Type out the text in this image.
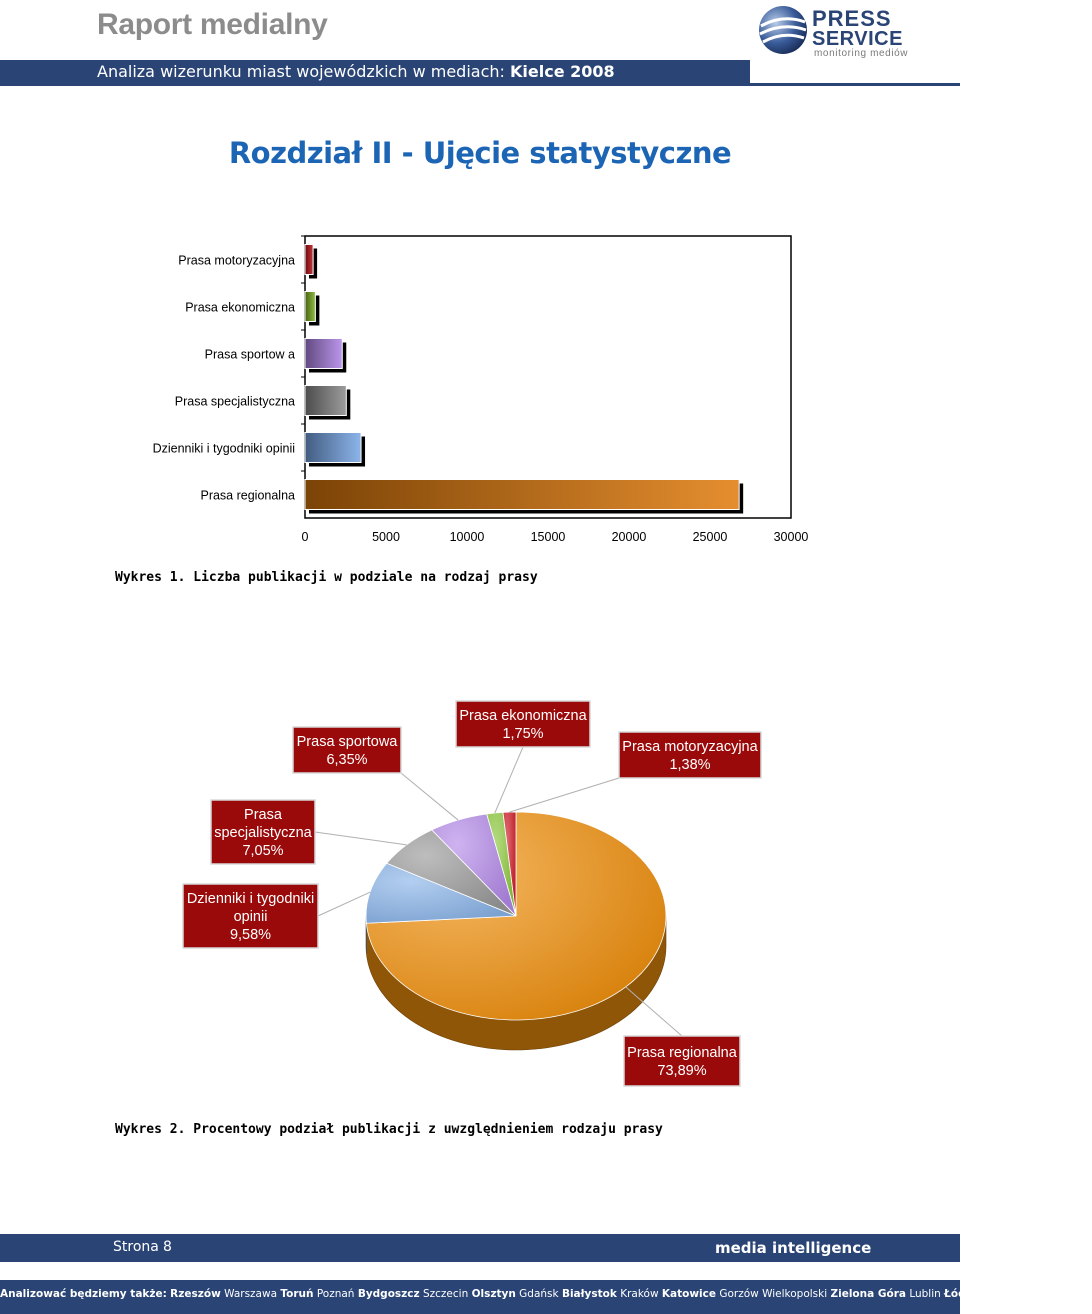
Raport medialny	PRESS
SERVICE
monitoring mediów
Analiza wizerunku miast wojewódzkich w mediach: Kielce 2008
Rozdział II - Ujęcie statystyczne
Prasa motoryzacyjna
Prasa ekonomiczna
Prasa sportow a
Prasa specjalistyczna
Dzienniki i tygodniki opinii
Prasa regionalna
0	5000	10000	15000	20000	25000	30000
Wykres 1. Liczba publikacji w podziale na rodzaj prasy
Prasa regionalna
73,89%
Dzienniki i tygodniki
opinii
9,58%
Prasa
specjalistyczna
7,05%
Prasa sportowa
6,35%
Prasa ekonomiczna
1,75%
Prasa motoryzacyjna
1,38%
Wykres 2. Procentowy podział publikacji z uwzględnieniem rodzaju prasy
Strona 8	media intelligence
Analizować będziemy także: Rzeszów Warszawa Toruń Poznań Bydgoszcz Szczecin Olsztyn Gdańsk Białystok Kraków Katowice Gorzów Wielkopolski Zielona Góra Lublin Łódź Wrocław Opole Kielce
